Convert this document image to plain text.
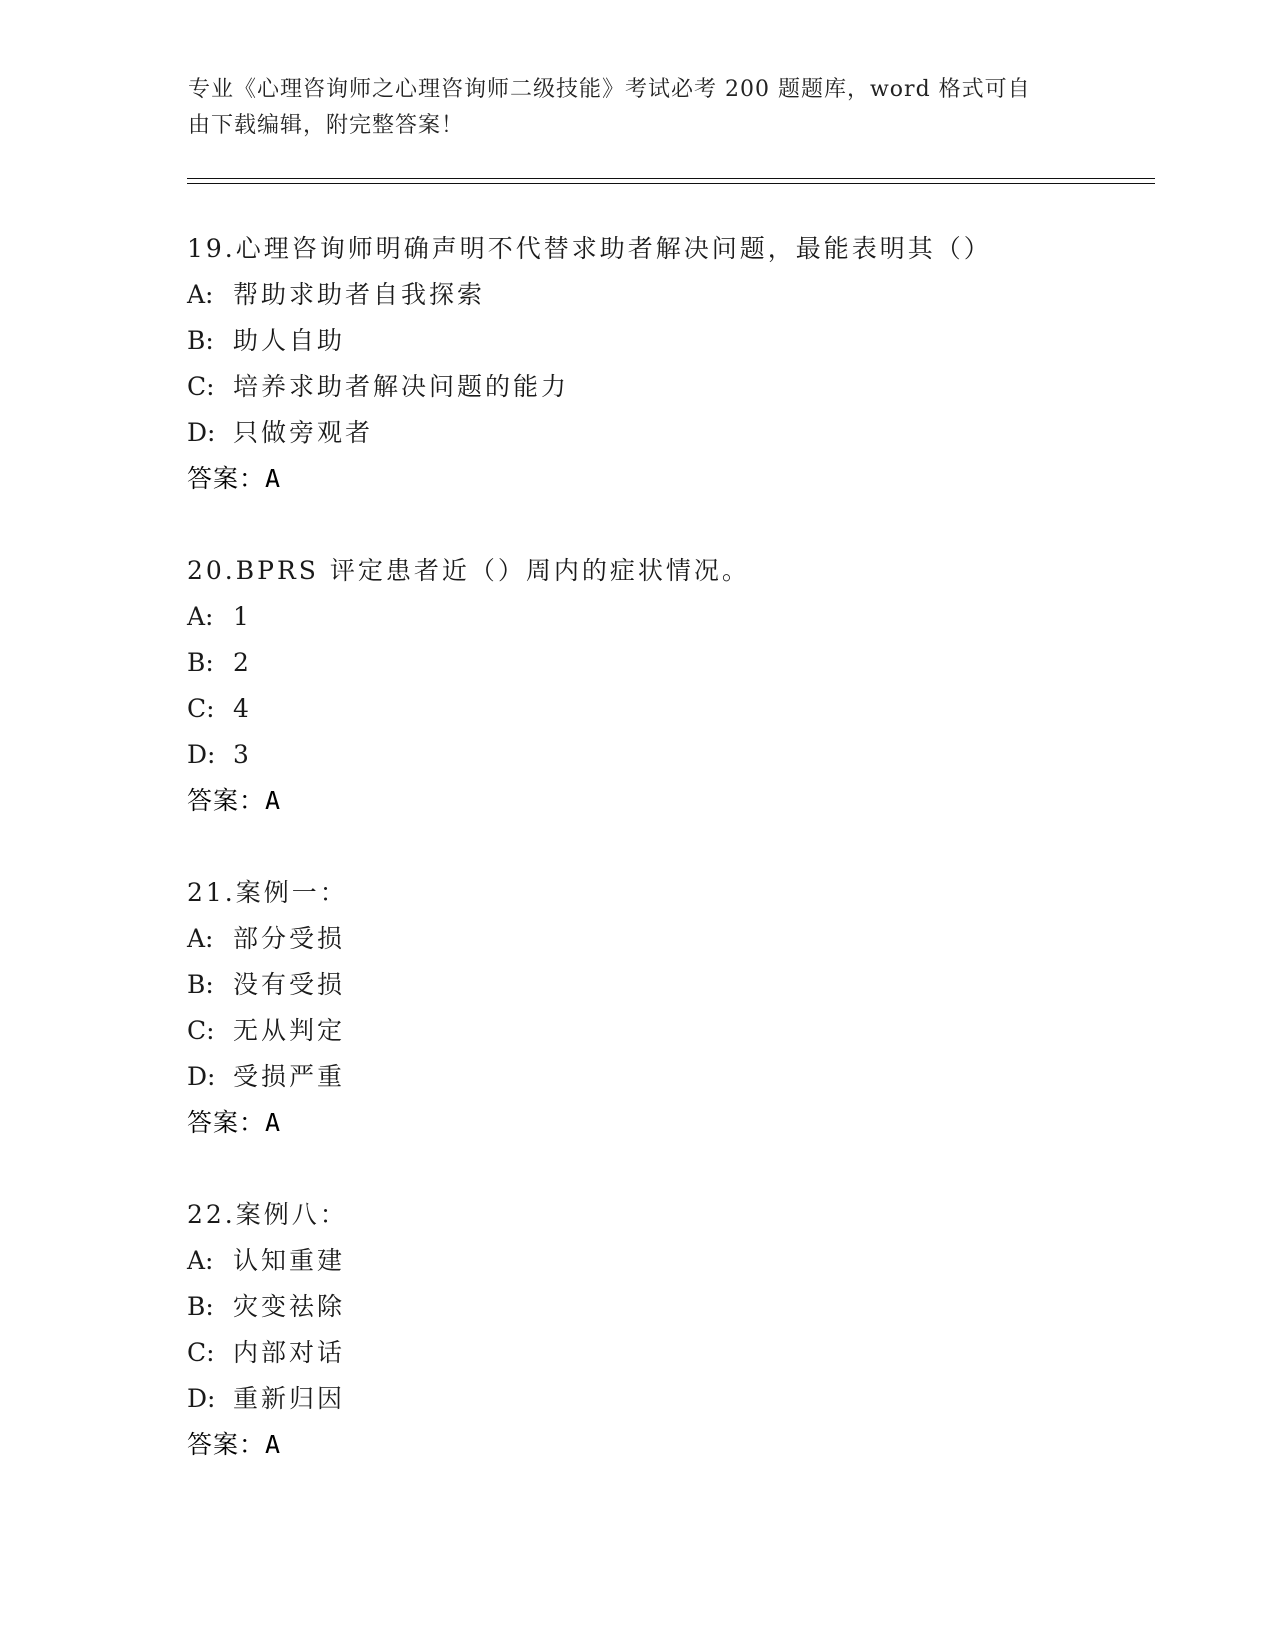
专业《心理咨询师之心理咨询师二级技能》考试必考 200 题题库，word 格式可自
由下载编辑，附完整答案！
19.心理咨询师明确声明不代替求助者解决问题，最能表明其（）
A: 帮助求助者自我探索
B: 助人自助
C: 培养求助者解决问题的能力
D: 只做旁观者
答案：A
20.BPRS 评定患者近（）周内的症状情况。
A: 1
B: 2
C: 4
D: 3
答案：A
21.案例一：
A: 部分受损
B: 没有受损
C: 无从判定
D: 受损严重
答案：A
22.案例八：
A: 认知重建
B: 灾变祛除
C: 内部对话
D: 重新归因
答案：A
